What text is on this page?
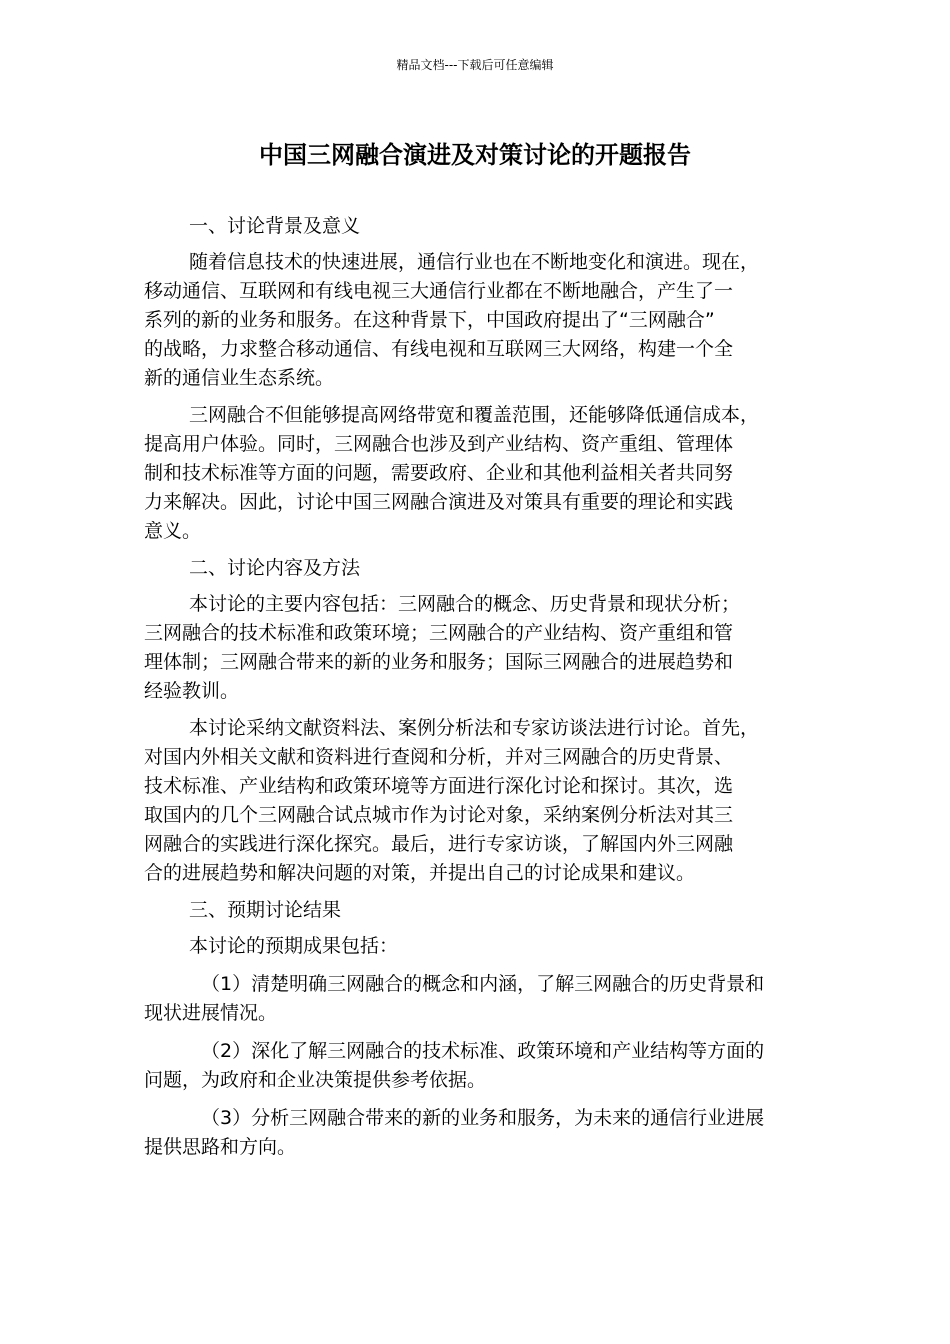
精品文档---下载后可任意编辑
中国三网融合演进及对策讨论的开题报告

一、讨论背景及意义

随着信息技术的快速进展，通信行业也在不断地变化和演进。现在，
移动通信、互联网和有线电视三大通信行业都在不断地融合，产生了一
系列的新的业务和服务。在这种背景下，中国政府提出了“三网融合”
的战略，力求整合移动通信、有线电视和互联网三大网络，构建一个全
新的通信业生态系统。

三网融合不但能够提高网络带宽和覆盖范围，还能够降低通信成本，
提高用户体验。同时，三网融合也涉及到产业结构、资产重组、管理体
制和技术标准等方面的问题，需要政府、企业和其他利益相关者共同努
力来解决。因此，讨论中国三网融合演进及对策具有重要的理论和实践
意义。

二、讨论内容及方法

本讨论的主要内容包括：三网融合的概念、历史背景和现状分析；
三网融合的技术标准和政策环境；三网融合的产业结构、资产重组和管
理体制；三网融合带来的新的业务和服务；国际三网融合的进展趋势和
经验教训。

本讨论采纳文献资料法、案例分析法和专家访谈法进行讨论。首先，
对国内外相关文献和资料进行查阅和分析，并对三网融合的历史背景、
技术标准、产业结构和政策环境等方面进行深化讨论和探讨。其次，选
取国内的几个三网融合试点城市作为讨论对象，采纳案例分析法对其三
网融合的实践进行深化探究。最后，进行专家访谈，了解国内外三网融
合的进展趋势和解决问题的对策，并提出自己的讨论成果和建议。

三、预期讨论结果

本讨论的预期成果包括：

（1）清楚明确三网融合的概念和内涵，了解三网融合的历史背景和
现状进展情况。

（2）深化了解三网融合的技术标准、政策环境和产业结构等方面的
问题，为政府和企业决策提供参考依据。

（3）分析三网融合带来的新的业务和服务，为未来的通信行业进展
提供思路和方向。
